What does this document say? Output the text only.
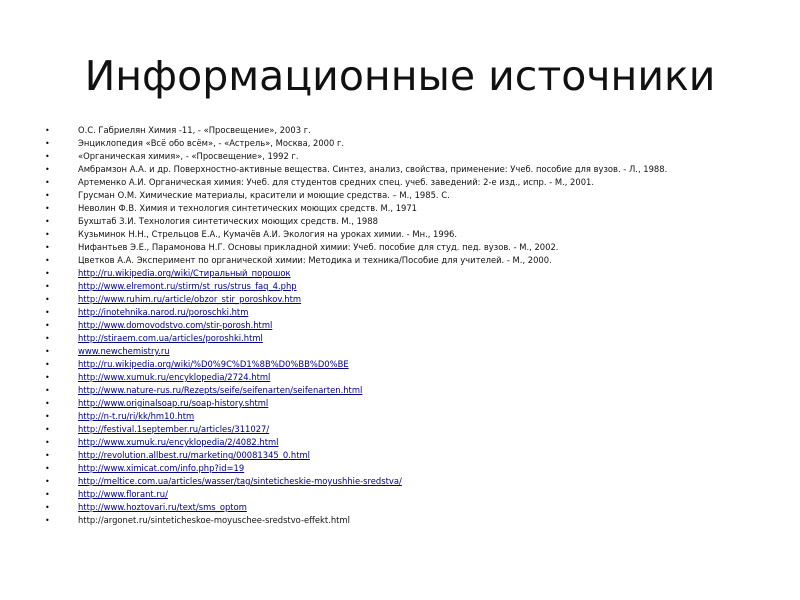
Информационные источники
•	О.С. Габриелян Химия -11, - «Просвещение», 2003 г.
•	Энциклопедия «Всё обо всём», - «Астрель», Москва, 2000 г.
•	«Органическая химия», - «Просвещение», 1992 г.
•	Амбрамзон А.А. и др. Поверхностно-активные вещества. Синтез, анализ, свойства, применение: Учеб. пособие для вузов. - Л., 1988.
•	Артеменко А.И. Органическая химия: Учеб. для студентов средних спец. учеб. заведений: 2-е изд., испр. - М., 2001.
•	Грусман О.М. Химические материалы, красители и моющие средства. – М., 1985. С.
•	Неволин Ф.В. Химия и технология синтетических моющих средств. М., 1971
•	Бухштаб З.И. Технология синтетических моющих средств. М., 1988
•	Кузьминок Н.Н., Стрельцов Е.А., Кумачёв А.И. Экология на уроках химии. - Мн., 1996.
•	Нифантьев Э.Е., Парамонова Н.Г. Основы прикладной химии: Учеб. пособие для студ. пед. вузов. - М., 2002.
•	Цветков А.А. Эксперимент по органической химии: Методика и техника/Пособие для учителей. - М., 2000.
•	http://ru.wikipedia.org/wiki/Стиральный_порошок
•	http://www.elremont.ru/stirm/st_rus/strus_faq_4.php
•	http://www.ruhim.ru/article/obzor_stir_poroshkov.htm
•	http://inotehnika.narod.ru/poroschki.htm
•	http://www.domovodstvo.com/stir-porosh.html
•	http://stiraem.com.ua/articles/poroshki.html
•	www.newchemistry.ru
•	http://ru.wikipedia.org/wiki/%D0%9C%D1%8B%D0%BB%D0%BE
•	http://www.xumuk.ru/encyklopedia/2724.html
•	http://www.nature-rus.ru/Rezepts/seife/seifenarten/seifenarten.html
•	http://www.originalsoap.ru/soap-history.shtml
•	http://n-t.ru/ri/kk/hm10.htm
•	http://festival.1september.ru/articles/311027/
•	http://www.xumuk.ru/encyklopedia/2/4082.html
•	http://revolution.allbest.ru/marketing/00081345_0.html
•	http://www.ximicat.com/info.php?id=19
•	http://meltice.com.ua/articles/wasser/tag/sinteticheskie-moyushhie-sredstva/
•	http://www.florant.ru/
•	http://www.hoztovari.ru/text/sms_optom
•	http://argonet.ru/sinteticheskoe-moyuschee-sredstvo-effekt.html
